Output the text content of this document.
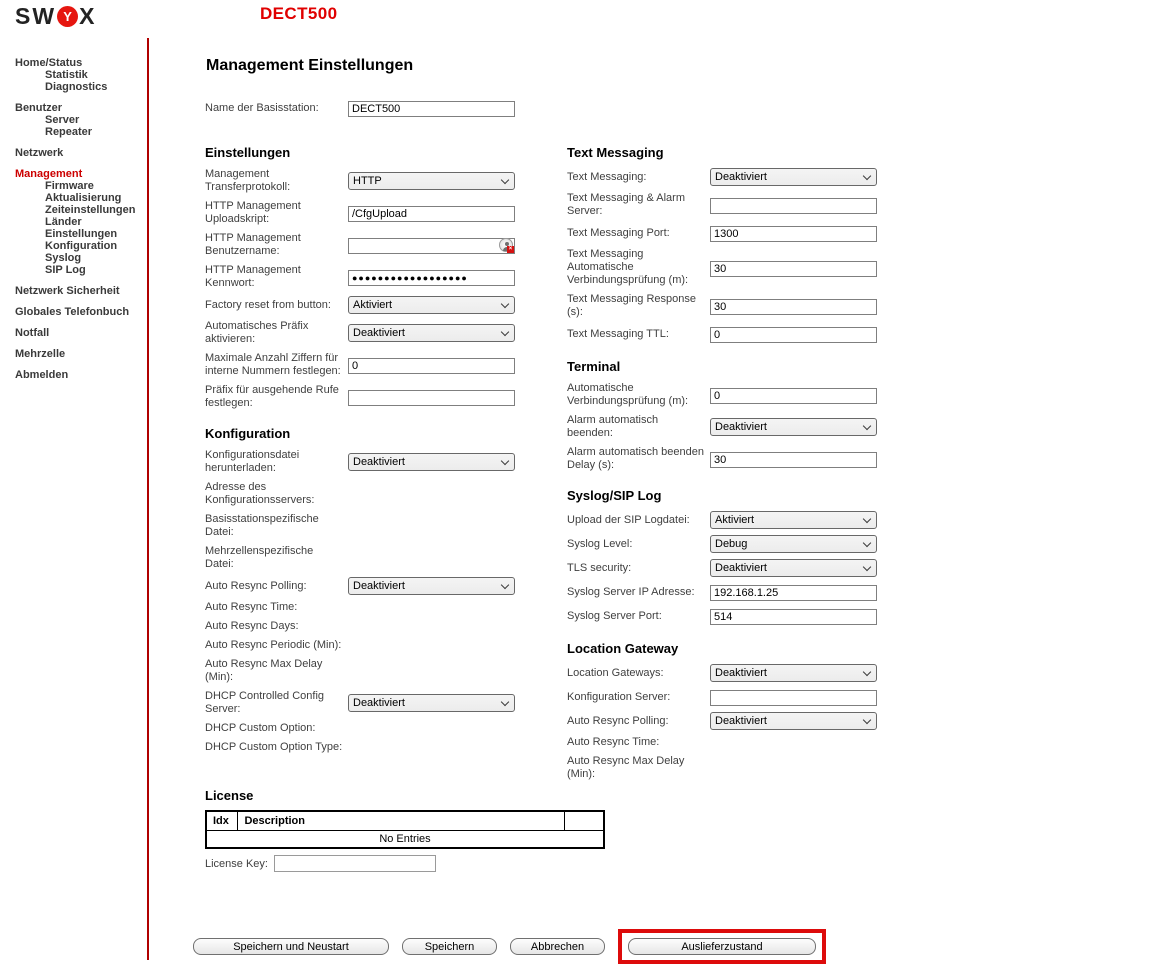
SW Y X	DECT500
Home/Status
Statistik
Diagnostics
Benutzer
Server
Repeater
Netzwerk
Management
Firmware
Aktualisierung
Zeiteinstellungen
Länder
Einstellungen
Konfiguration
Syslog
SIP Log
Netzwerk Sicherheit
Globales Telefonbuch
Notfall
Mehrzelle
Abmelden
Management Einstellungen
Name der Basisstation:
DECT500
Einstellungen
Management Transferprotokoll:	HTTP
HTTP Management Uploadskript:
/CfgUpload
HTTP Management Benutzername:	×
HTTP Management Kennwort:
●●●●●●●●●●●●●●●●●●
Factory reset from button:	Aktiviert
Automatisches Präfix aktivieren:	Deaktiviert
Maximale Anzahl Ziffern für interne Nummern festlegen:
0
Präfix für ausgehende Rufe festlegen:
Konfiguration
Konfigurationsdatei herunterladen:	Deaktiviert
Adresse des Konfigurationsservers:
Basisstationspezifische Datei:
Mehrzellenspezifische Datei:
Auto Resync Polling:	Deaktiviert
Auto Resync Time:
Auto Resync Days:
Auto Resync Periodic (Min):
Auto Resync Max Delay (Min):
DHCP Controlled Config Server:	Deaktiviert
DHCP Custom Option:
DHCP Custom Option Type:
Text Messaging
Text Messaging:	Deaktiviert
Text Messaging & Alarm Server:
Text Messaging Port:
1300
Text Messaging Automatische Verbindungsprüfung (m):
30
Text Messaging Response (s):
30
Text Messaging TTL:
0
Terminal
Automatische Verbindungsprüfung (m):
0
Alarm automatisch beenden:	Deaktiviert
Alarm automatisch beenden Delay (s):
30
Syslog/SIP Log
Upload der SIP Logdatei:	Aktiviert
Syslog Level:	Debug
TLS security:	Deaktiviert
Syslog Server IP Adresse:
192.168.1.25
Syslog Server Port:
514
Location Gateway
Location Gateways:	Deaktiviert
Konfiguration Server:
Auto Resync Polling:	Deaktiviert
Auto Resync Time:
Auto Resync Max Delay (Min):
License
Idx	Description	
No Entries
License Key:
Speichern und Neustart	Speichern	Abbrechen	Auslieferzustand
